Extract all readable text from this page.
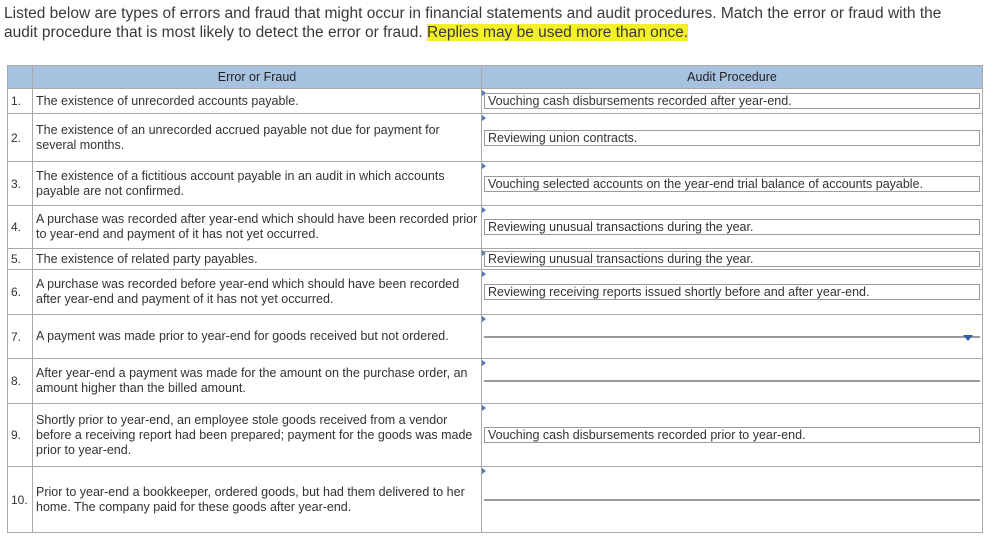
Listed below are types of errors and fraud that might occur in financial statements and audit procedures. Match the error or fraud with the audit procedure that is most likely to detect the error or fraud. Replies may be used more than once.
	Error or Fraud	Audit Procedure
1.	The existence of unrecorded accounts payable.	Vouching cash disbursements recorded after year-end.

2.	The existence of an unrecorded accrued payable not due for payment for several months.	Reviewing union contracts.

3.	The existence of a fictitious account payable in an audit in which accounts payable are not confirmed.	Vouching selected accounts on the year-end trial balance of accounts payable.

4.	A purchase was recorded after year-end which should have been recorded prior to year-end and payment of it has not yet occurred.	Reviewing unusual transactions during the year.

5.	The existence of related party payables.	Reviewing unusual transactions during the year.

6.	A purchase was recorded before year-end which should have been recorded after year-end and payment of it has not yet occurred.	Reviewing receiving reports issued shortly before and after year-end.

7.	A payment was made prior to year-end for goods received but not ordered.	

8.	After year-end a payment was made for the amount on the purchase order, an amount higher than the billed amount.	

9.	Shortly prior to year-end, an employee stole goods received from a vendor before a receiving report had been prepared; payment for the goods was made prior to year-end.	Vouching cash disbursements recorded prior to year-end.

10.	Prior to year-end a bookkeeper, ordered goods, but had them delivered to her home. The company paid for these goods after year-end.	
